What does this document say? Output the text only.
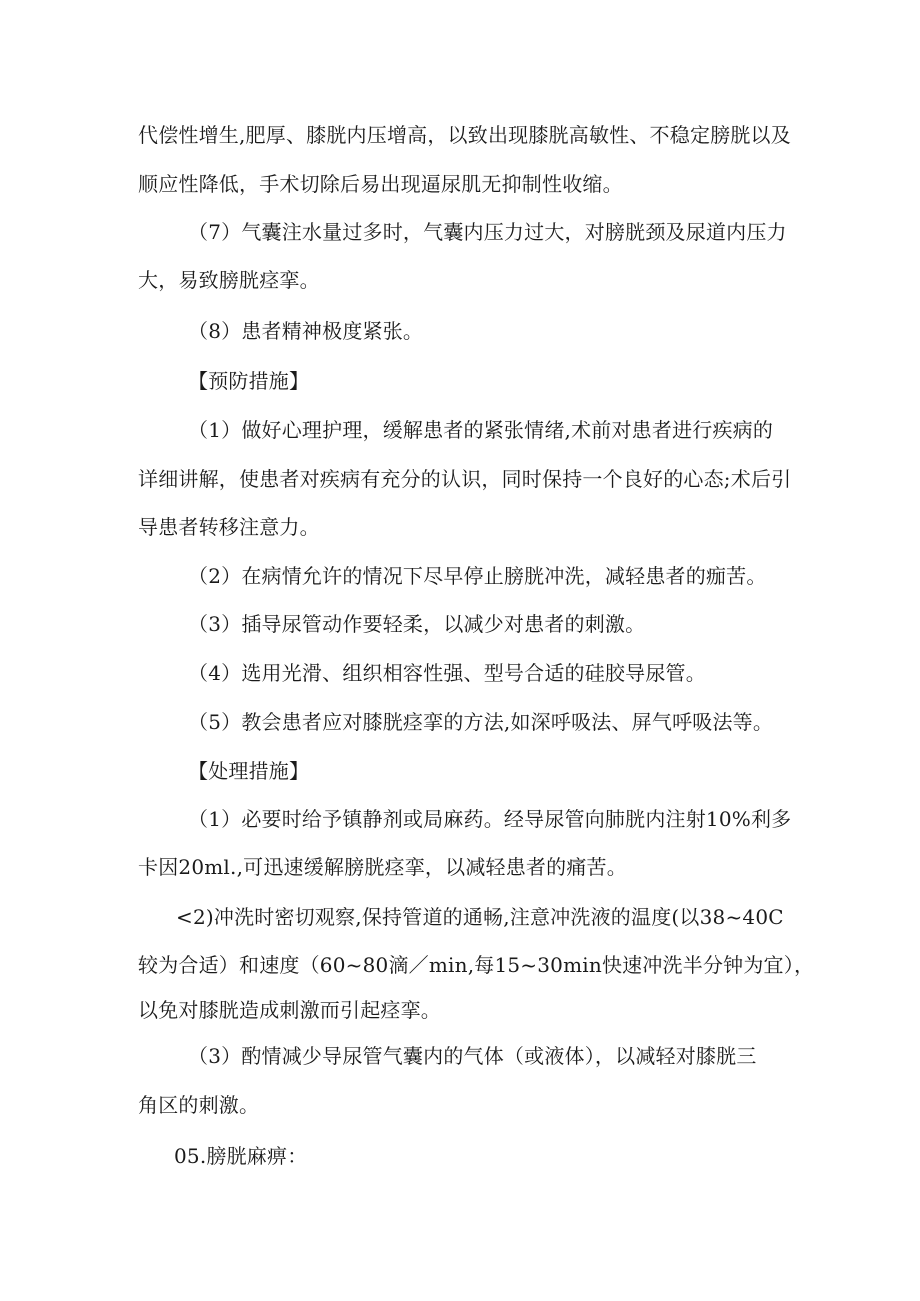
代偿性增生,肥厚、膝胱内压增高，以致出现膝胱高敏性、不稳定膀胱以及
顺应性降低，手术切除后易出现逼尿肌无抑制性收缩。
（7）气囊注水量过多时，气囊内压力过大，对膀胱颈及尿道内压力
大，易致膀胱痉挛。
（8）患者精神极度紧张。
【预防措施】
（1）做好心理护理，缓解患者的紧张情绪,术前对患者进行疾病的
详细讲解，使患者对疾病有充分的认识，同时保持一个良好的心态;术后引
导患者转移注意力。
（2）在病情允许的情况下尽早停止膀胱冲洗，减轻患者的痂苦。
（3）插导尿管动作要轻柔，以减少对患者的刺激。
（4）选用光滑、组织相容性强、型号合适的硅胶导尿管。
（5）教会患者应对膝胱痉挛的方法,如深呼吸法、屏气呼吸法等。
【处理措施】
（1）必要时给予镇静剂或局麻药。经导尿管向肺胱内注射10%利多
卡因20ml.,可迅速缓解膀胱痉挛，以减轻患者的痛苦。
<2)冲洗时密切观察,保持管道的通畅,注意冲洗液的温度(以38~40C
较为合适）和速度（60~80滴／min,每15~30min快速冲洗半分钟为宜），
以免对膝胱造成刺激而引起痉挛。
（3）酌情减少导尿管气囊内的气体（或液体），以减轻对膝胱三
角区的刺激。
05.膀胱麻痹：
